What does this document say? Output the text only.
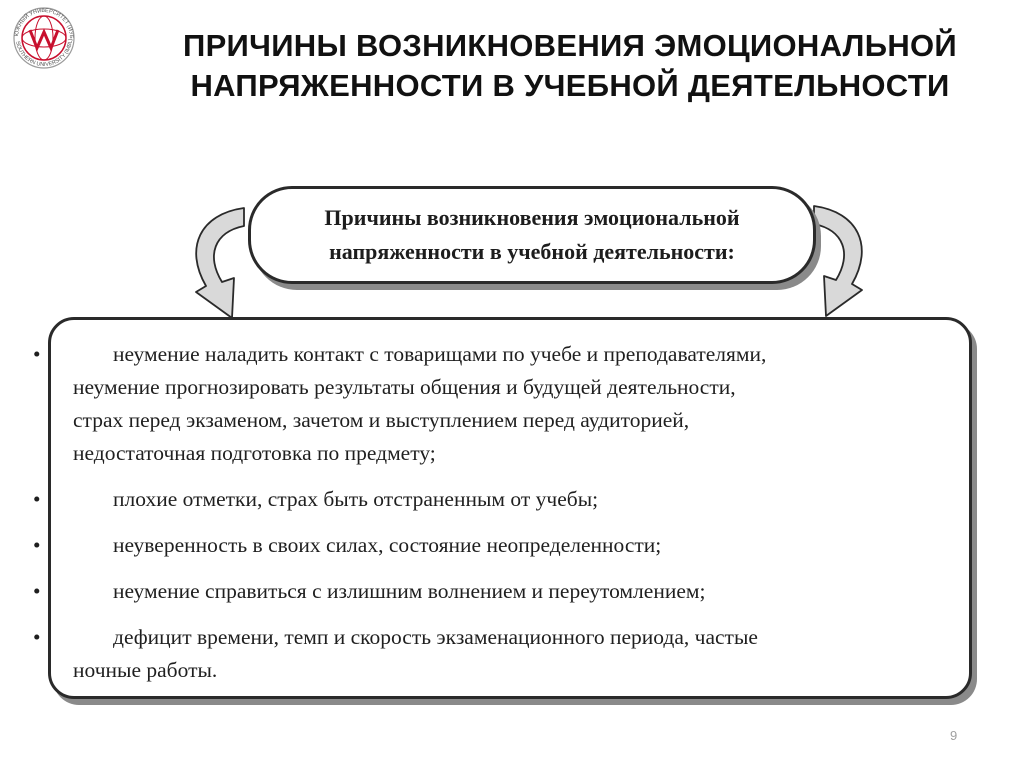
ЮЖНЫЙ УНИВЕРСИТЕТ (ИУБ
SOUTHERN UNIVERSITY (IMBL)	ПРИЧИНЫ ВОЗНИКНОВЕНИЯ ЭМОЦИОНАЛЬНОЙ
НАПРЯЖЕННОСТИ В УЧЕБНОЙ ДЕЯТЕЛЬНОСТИ
Причины возникновения эмоциональной
напряженности в учебной деятельности:
•	неумение наладить контакт с товарищами по учебе и преподавателями,
неумение прогнозировать результаты общения и будущей деятельности,
страх перед экзаменом, зачетом и выступлением перед аудиторией,
недостаточная подготовка по предмету;
•	плохие отметки, страх быть отстраненным от учебы;
•	неуверенность в своих силах, состояние неопределенности;
•	неумение справиться с излишним волнением и переутомлением;
•	дефицит времени, темп и скорость экзаменационного периода, частые
ночные работы.
9
